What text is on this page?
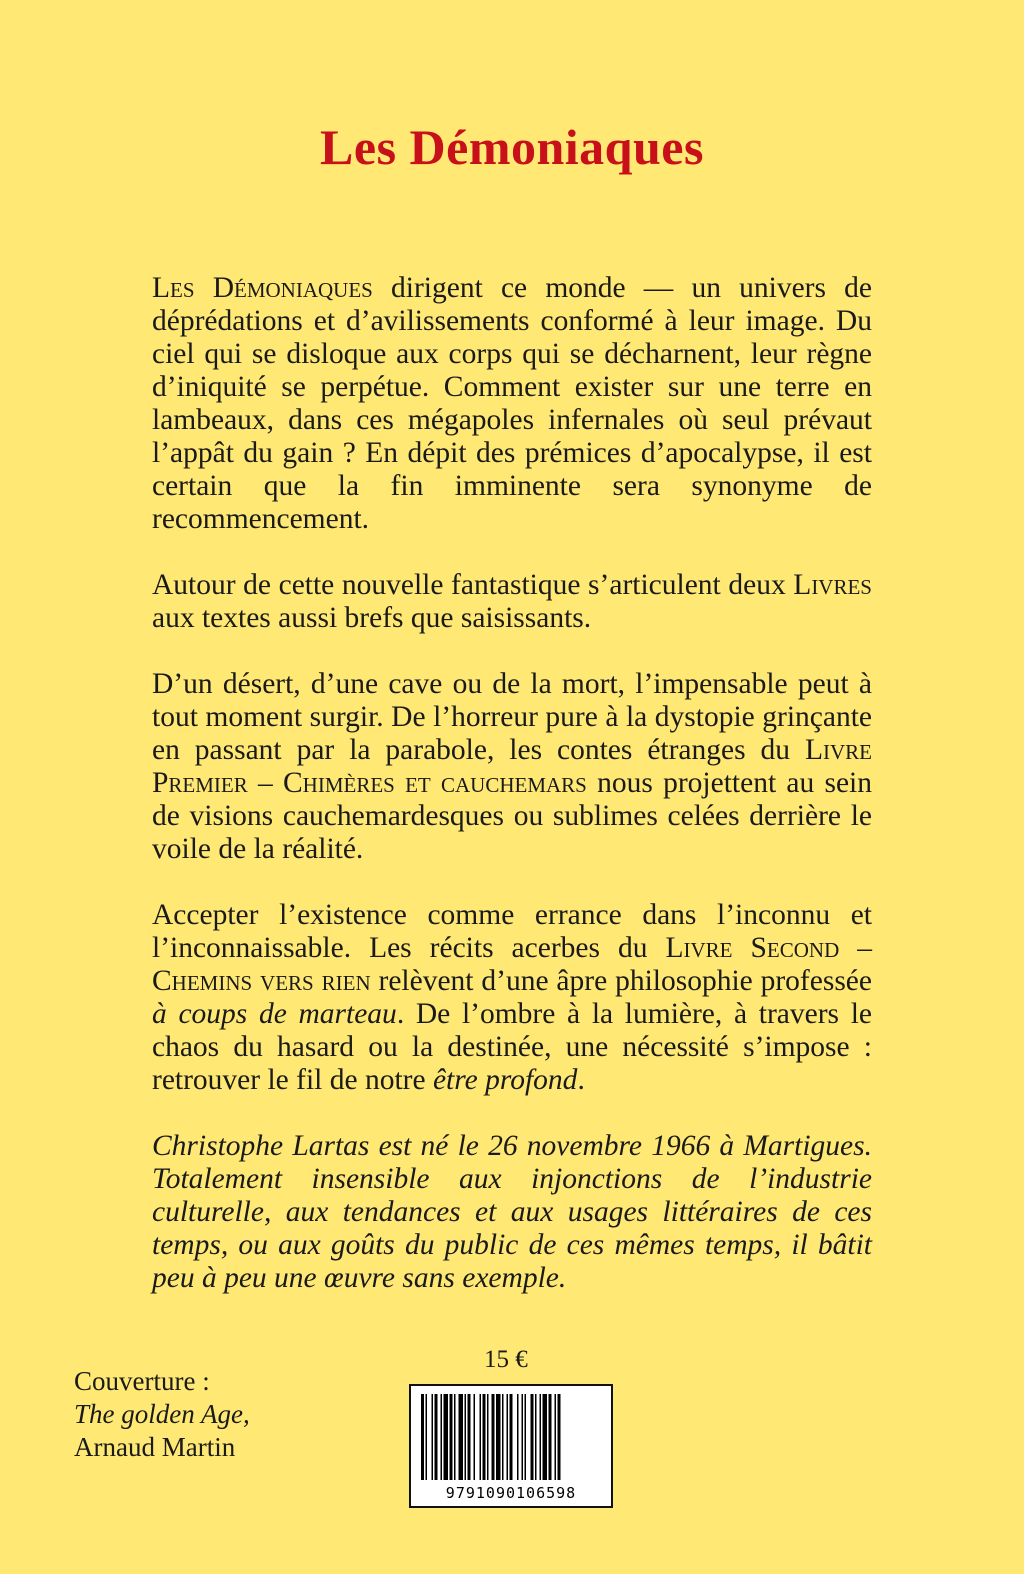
Les Démoniaques

Les Démoniaques dirigent ce monde — un univers de déprédations et d’avilissements conformé à leur image. Du ciel qui se disloque aux corps qui se décharnent, leur règne d’iniquité se perpétue. Comment exister sur une terre en lambeaux, dans ces mégapoles infernales où seul prévaut l’appât du gain ? En dépit des prémices d’apocalypse, il est certain que la fin imminente sera synonyme de recommencement.

Autour de cette nouvelle fantastique s’articulent deux Livres aux textes aussi brefs que saisissants.

D’un désert, d’une cave ou de la mort, l’impensable peut à tout moment surgir. De l’horreur pure à la dystopie grinçante en passant par la parabole, les contes étranges du Livre Premier – Chimères et cauchemars nous projettent au sein de visions cauchemardesques ou sublimes celées derrière le voile de la réalité.

Accepter l’existence comme errance dans l’inconnu et l’inconnaissable. Les récits acerbes du Livre Second – Chemins vers rien relèvent d’une âpre philosophie professée à coups de marteau. De l’ombre à la lumière, à travers le chaos du hasard ou la destinée, une nécessité s’impose : retrouver le fil de notre être profond.

Christophe Lartas est né le 26 novembre 1966 à Martigues. Totalement insensible aux injonctions de l’industrie culturelle, aux tendances et aux usages littéraires de ces temps, ou aux goûts du public de ces mêmes temps, il bâtit peu à peu une œuvre sans exemple.

15 €
Couverture :
The golden Age,
Arnaud Martin
9791090106598
